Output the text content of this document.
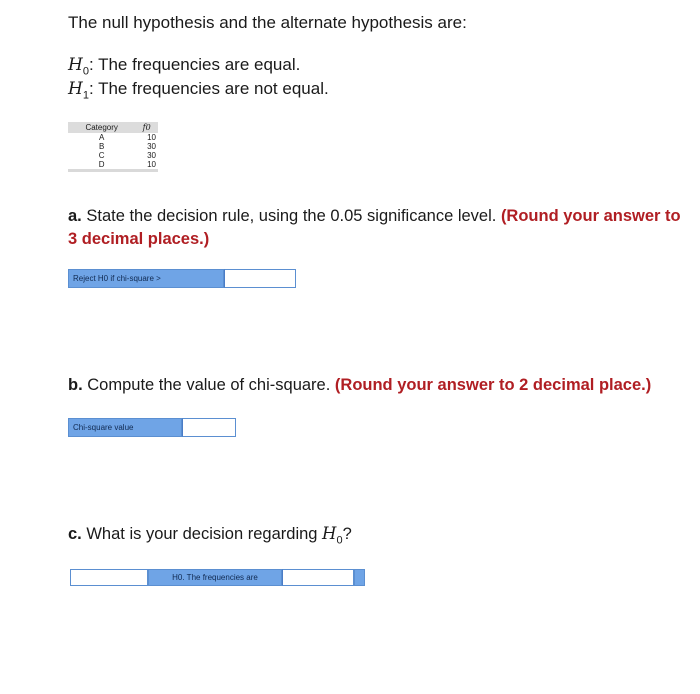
The null hypothesis and the alternate hypothesis are:
$H_0$: The frequencies are equal.
$H_1$: The frequencies are not equal.
Category	f0
A	10
B	30
C	30
D	10
a. State the decision rule, using the 0.05 significance level. (Round your answer to 3 decimal places.)
Reject H0 if chi-square >
b. Compute the value of chi-square. (Round your answer to 2 decimal place.)
Chi-square value
c. What is your decision regarding $H_0$?
H0. The frequencies are
